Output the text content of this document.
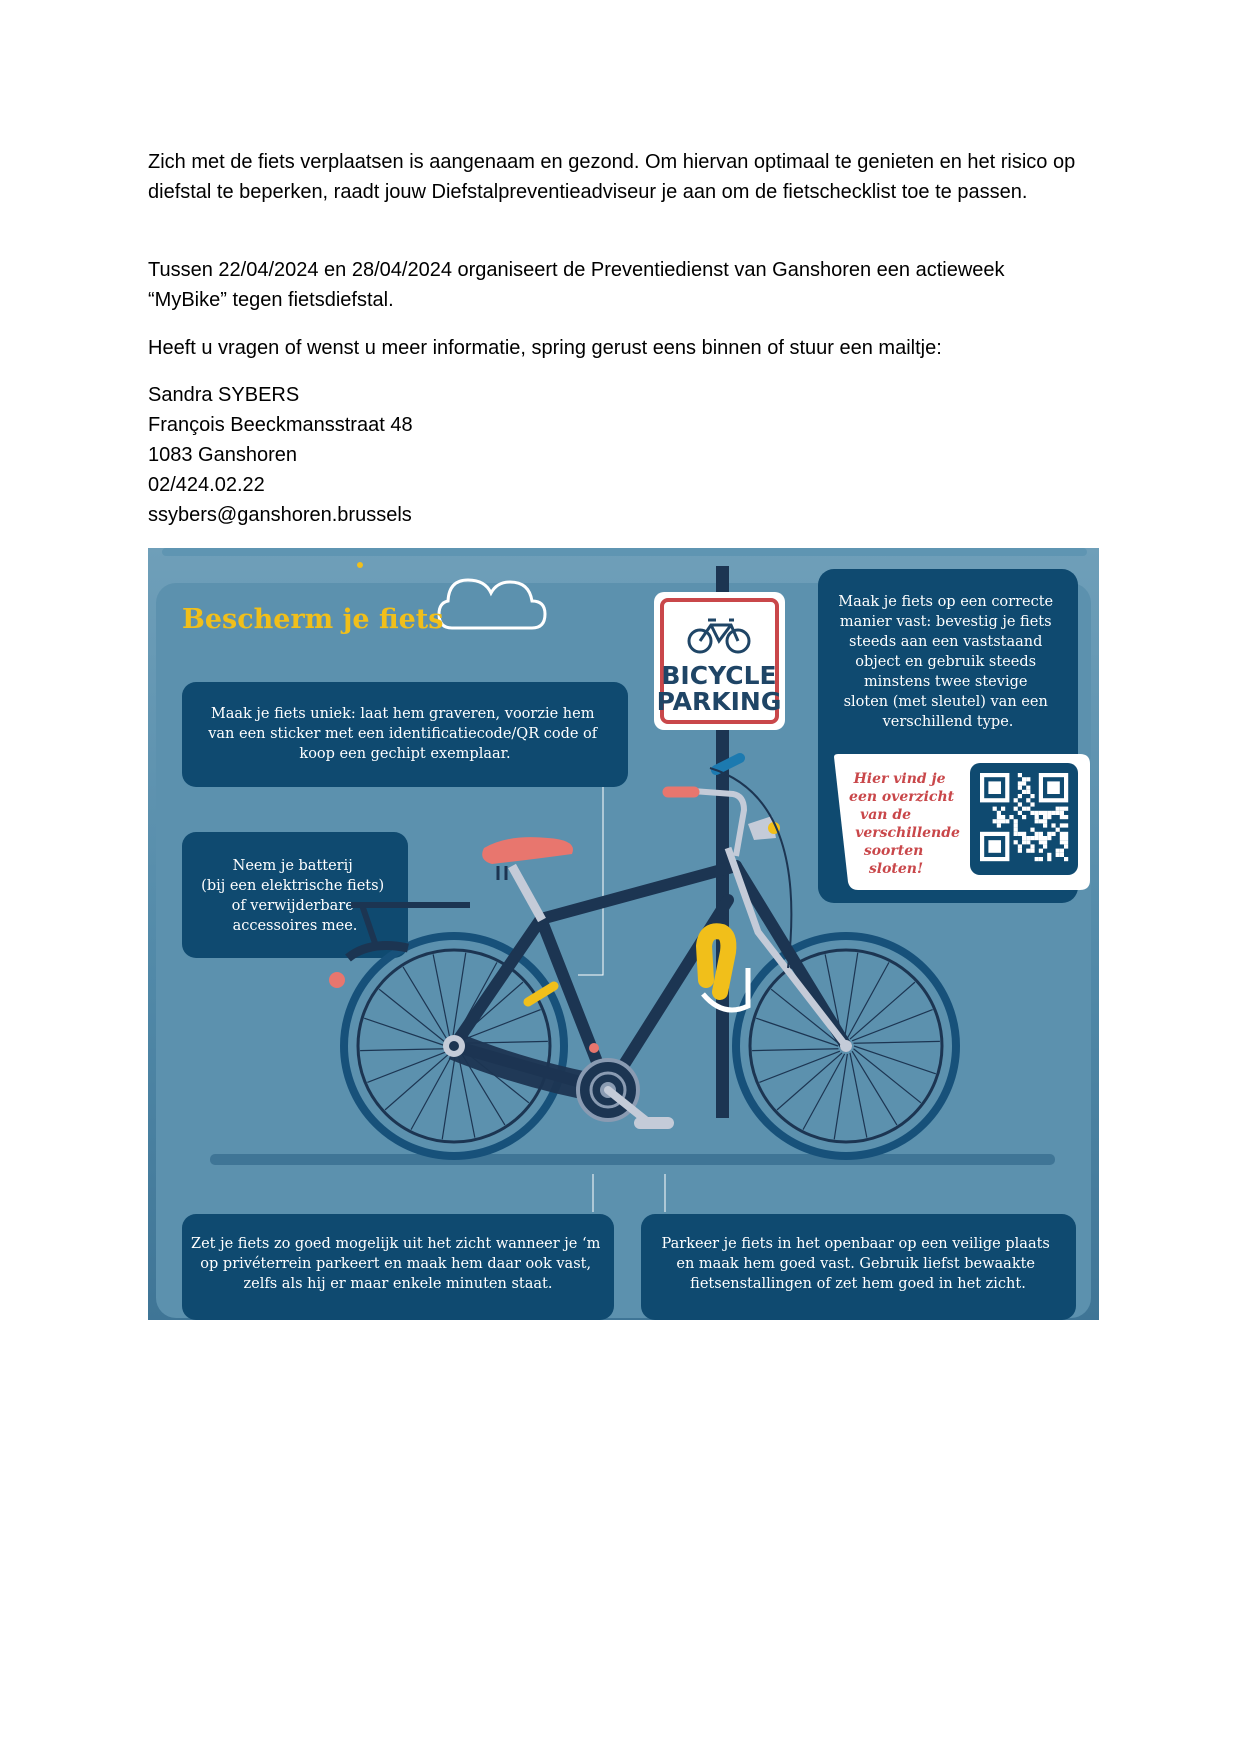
Zich met de fiets verplaatsen is aangenaam en gezond. Om hiervan optimaal te genieten en het risico op diefstal te beperken, raadt jouw Diefstalpreventieadviseur je aan om de fietschecklist toe te passen.

Tussen 22/04/2024 en 28/04/2024 organiseert de Preventiedienst van Ganshoren een actieweek

“MyBike” tegen fietsdiefstal.

Heeft u vragen of wenst u meer informatie, spring gerust eens binnen of stuur een mailtje:

Sandra SYBERS

François Beeckmansstraat 48

1083 Ganshoren

02/424.02.22

ssybers@ganshoren.brussels

Bescherm je fiets
BICYCLE
PARKING
Maak je fiets uniek: laat hem graveren, voorzie hem van een sticker met een identificatiecode/QR code of koop een gechipt exemplaar.
Neem je batterij (bij een elektrische fiets) of verwijderbare accessoires mee.
Maak je fiets op een correcte manier vast: bevestig je fiets steeds aan een vaststaand object en gebruik steeds minstens twee stevige sloten (met sleutel) van een verschillend type.
Hier vind je een overzicht van de verschillende soorten sloten!
Zet je fiets zo goed mogelijk uit het zicht wanneer je ‘m op privéterrein parkeert en maak hem daar ook vast, zelfs als hij er maar enkele minuten staat.
Parkeer je fiets in het openbaar op een veilige plaats en maak hem goed vast. Gebruik liefst bewaakte fietsenstallingen of zet hem goed in het zicht.
